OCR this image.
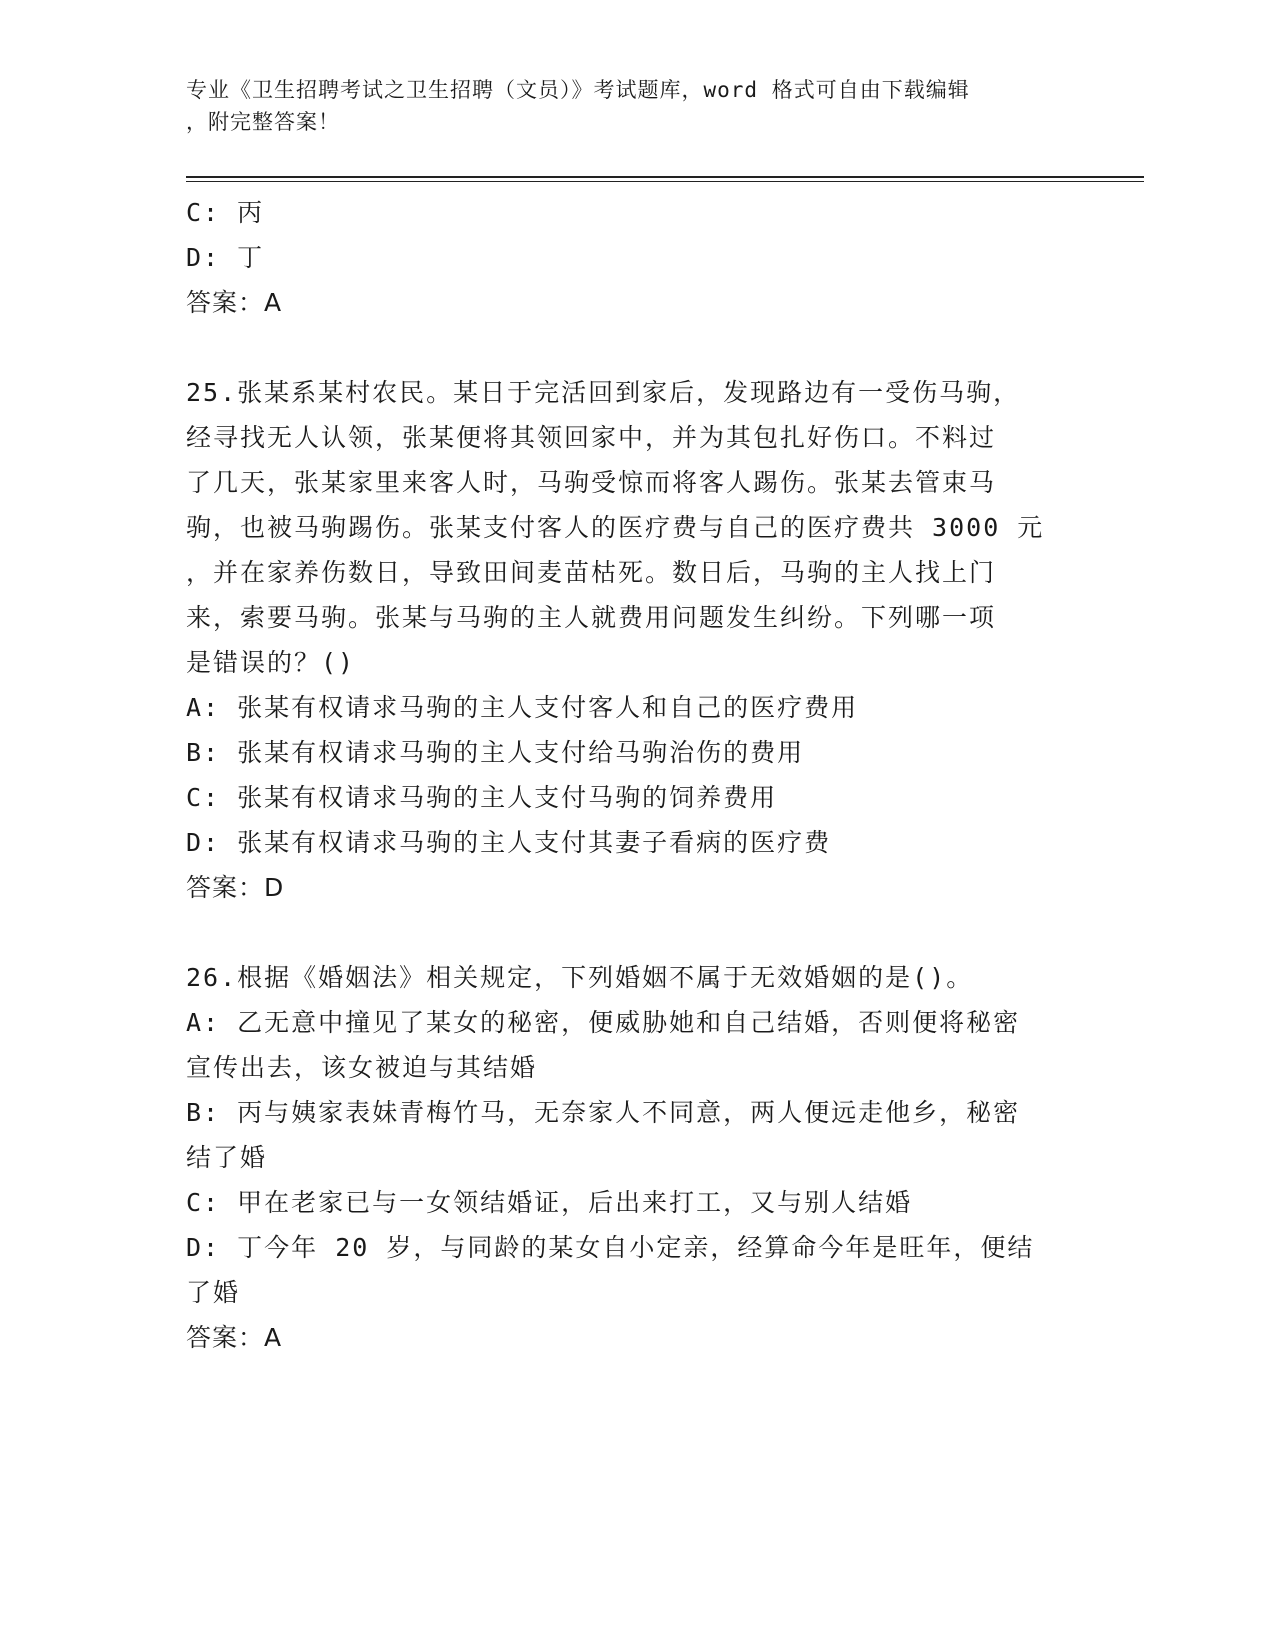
专业《卫生招聘考试之卫生招聘（文员）》考试题库，word 格式可自由下载编辑
，附完整答案！
C: 丙
D: 丁
答案：A
25.张某系某村农民。某日于完活回到家后，发现路边有一受伤马驹，
经寻找无人认领，张某便将其领回家中，并为其包扎好伤口。不料过
了几天，张某家里来客人时，马驹受惊而将客人踢伤。张某去管束马
驹，也被马驹踢伤。张某支付客人的医疗费与自己的医疗费共 3000 元
，并在家养伤数日，导致田间麦苗枯死。数日后，马驹的主人找上门
来，索要马驹。张某与马驹的主人就费用问题发生纠纷。下列哪一项
是错误的？()
A: 张某有权请求马驹的主人支付客人和自己的医疗费用
B: 张某有权请求马驹的主人支付给马驹治伤的费用
C: 张某有权请求马驹的主人支付马驹的饲养费用
D: 张某有权请求马驹的主人支付其妻子看病的医疗费
答案：D
26.根据《婚姻法》相关规定，下列婚姻不属于无效婚姻的是()。
A: 乙无意中撞见了某女的秘密，便威胁她和自己结婚，否则便将秘密
宣传出去，该女被迫与其结婚
B: 丙与姨家表妹青梅竹马，无奈家人不同意，两人便远走他乡，秘密
结了婚
C: 甲在老家已与一女领结婚证，后出来打工，又与别人结婚
D: 丁今年 20 岁，与同龄的某女自小定亲，经算命今年是旺年，便结
了婚
答案：A
